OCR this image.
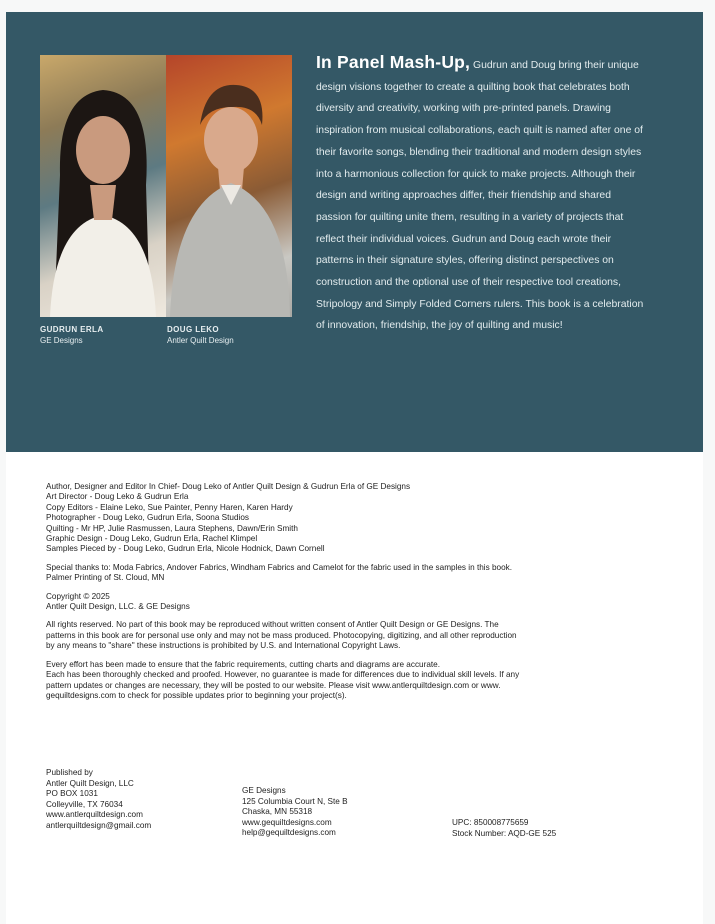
GUDRUN ERLA
GE Designs
DOUG LEKO
Antler Quilt Design
In Panel Mash-Up, Gudrun and Doug bring their unique design visions together to create a quilting book that celebrates both diversity and creativity, working with pre-printed panels. Drawing inspiration from musical collaborations, each quilt is named after one of their favorite songs, blending their traditional and modern design styles into a harmonious collection for quick to make projects. Although their design and writing approaches differ, their friendship and shared passion for quilting unite them, resulting in a variety of projects that reflect their individual voices. Gudrun and Doug each wrote their patterns in their signature styles, offering distinct perspectives on construction and the optional use of their respective tool creations, Stripology and Simply Folded Corners rulers. This book is a celebration of innovation, friendship, the joy of quilting and music!

Author, Designer and Editor In Chief- Doug Leko of Antler Quilt Design & Gudrun Erla of GE Designs

Art Director - Doug Leko & Gudrun Erla

Copy Editors - Elaine Leko, Sue Painter, Penny Haren, Karen Hardy

Photographer - Doug Leko, Gudrun Erla, Soona Studios

Quilting - Mr HP, Julie Rasmussen, Laura Stephens, Dawn/Erin Smith

Graphic Design - Doug Leko, Gudrun Erla, Rachel Klimpel

Samples Pieced by - Doug Leko, Gudrun Erla, Nicole Hodnick, Dawn Cornell

Special thanks to: Moda Fabrics, Andover Fabrics, Windham Fabrics and Camelot for the fabric used in the samples in this book.

Palmer Printing of St. Cloud, MN

Copyright © 2025

Antler Quilt Design, LLC. & GE Designs

All rights reserved. No part of this book may be reproduced without written consent of Antler Quilt Design or GE Designs. The

patterns in this book are for personal use only and may not be mass produced. Photocopying, digitizing, and all other reproduction

by any means to "share" these instructions is prohibited by U.S. and International Copyright Laws.

Every effort has been made to ensure that the fabric requirements, cutting charts and diagrams are accurate.

Each has been thoroughly checked and proofed. However, no guarantee is made for differences due to individual skill levels. If any

pattern updates or changes are necessary, they will be posted to our website. Please visit www.antlerquiltdesign.com or www.

gequiltdesigns.com to check for possible updates prior to beginning your project(s).

Published by

Antler Quilt Design, LLC

PO BOX 1031

Colleyville, TX 76034

www.antlerquiltdesign.com

antlerquiltdesign@gmail.com

GE Designs

125 Columbia Court N, Ste B

Chaska, MN 55318

www.gequiltdesigns.com

help@gequiltdesigns.com

UPC: 850008775659

Stock Number: AQD-GE 525
